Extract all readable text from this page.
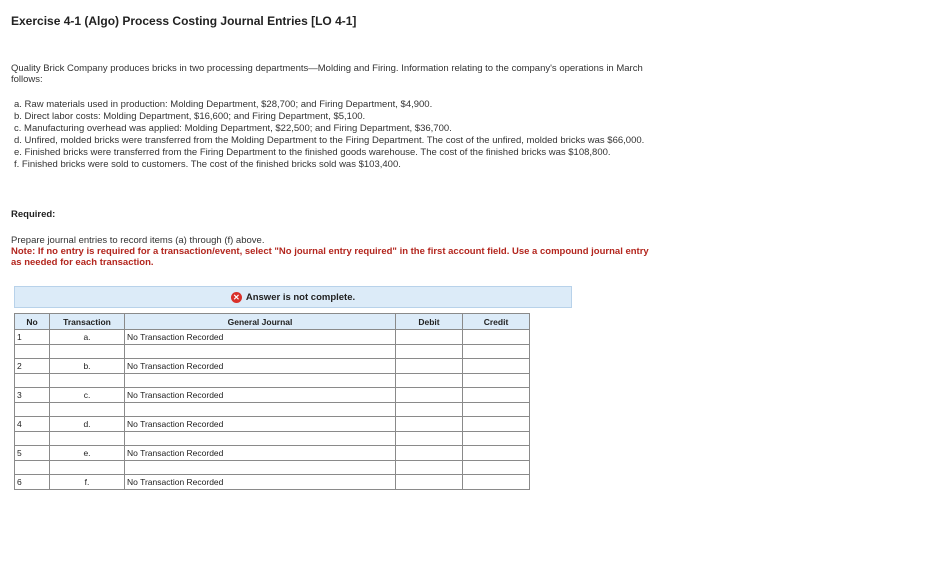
Exercise 4-1 (Algo) Process Costing Journal Entries [LO 4-1]
Quality Brick Company produces bricks in two processing departments—Molding and Firing. Information relating to the company's operations in March follows:
a. Raw materials used in production: Molding Department, $28,700; and Firing Department, $4,900.
b. Direct labor costs: Molding Department, $16,600; and Firing Department, $5,100.
c. Manufacturing overhead was applied: Molding Department, $22,500; and Firing Department, $36,700.
d. Unfired, molded bricks were transferred from the Molding Department to the Firing Department. The cost of the unfired, molded bricks was $66,000.
e. Finished bricks were transferred from the Firing Department to the finished goods warehouse. The cost of the finished bricks was $108,800.
f. Finished bricks were sold to customers. The cost of the finished bricks sold was $103,400.
Required:
Prepare journal entries to record items (a) through (f) above.
Note: If no entry is required for a transaction/event, select "No journal entry required" in the first account field. Use a compound journal entry as needed for each transaction.
✕ Answer is not complete.
No	Transaction	General Journal	Debit	Credit
1	a.	No Transaction Recorded		

2	b.	No Transaction Recorded		

3	c.	No Transaction Recorded		

4	d.	No Transaction Recorded		

5	e.	No Transaction Recorded		

6	f.	No Transaction Recorded		
